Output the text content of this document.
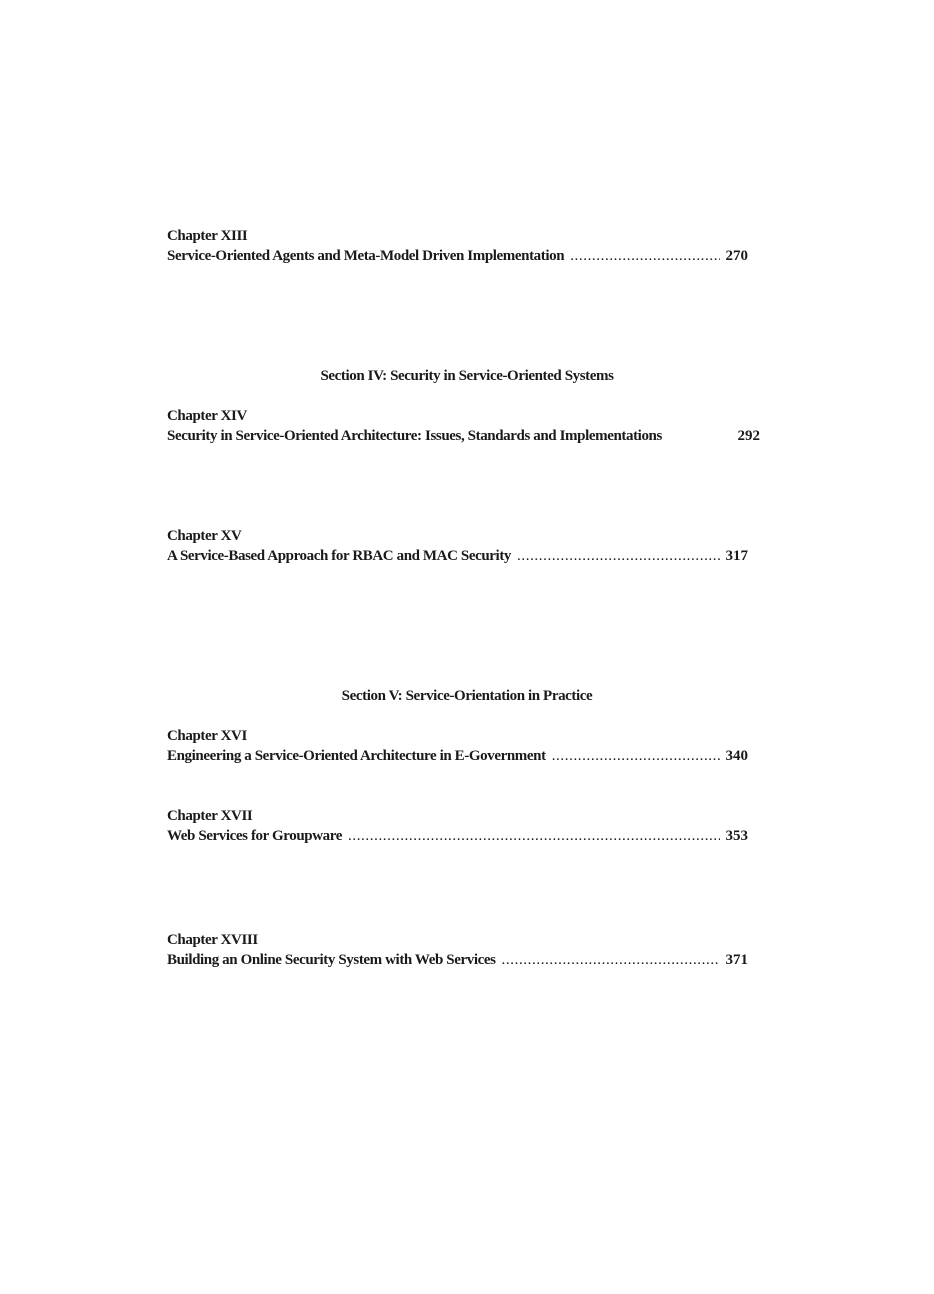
Chapter XIII
Service-Oriented Agents and Meta-Model Driven Implementation .....	270
Section IV: Security in Service-Oriented Systems
Chapter XIV
Security in Service-Oriented Architecture: Issues, Standards and Implementations	292
Chapter XV
A Service-Based Approach for RBAC and MAC Security .....	317
Section V: Service-Orientation in Practice
Chapter XVI
Engineering a Service-Oriented Architecture in E-Government .....	340
Chapter XVII
Web Services for Groupware .....	353
Chapter XVIII
Building an Online Security System with Web Services .....	371
